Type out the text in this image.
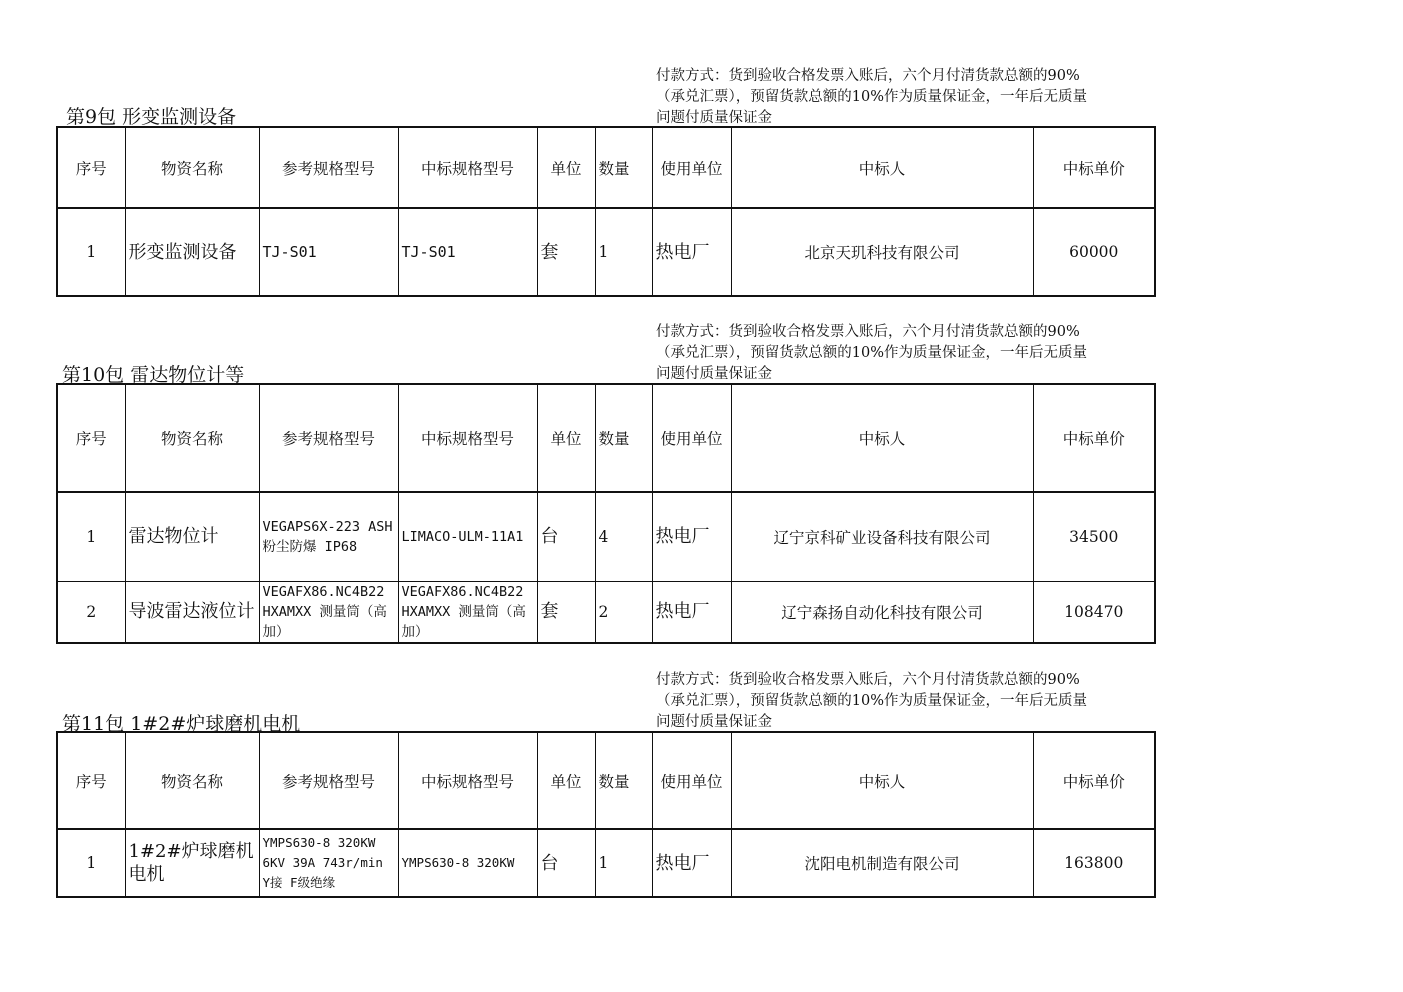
付款方式：货到验收合格发票入账后，六个月付清货款总额的90%
（承兑汇票），预留货款总额的10%作为质量保证金，一年后无质量
问题付质量保证金
第9包 形变监测设备
序号	物资名称	参考规格型号	中标规格型号	单位	数量	使用单位	中标人	中标单价
1	形变监测设备	TJ-S01	TJ-S01	套	1	热电厂	北京天玑科技有限公司	60000
付款方式：货到验收合格发票入账后，六个月付清货款总额的90%
（承兑汇票），预留货款总额的10%作为质量保证金，一年后无质量
问题付质量保证金
第10包 雷达物位计等
序号	物资名称	参考规格型号	中标规格型号	单位	数量	使用单位	中标人	中标单价
1	雷达物位计	VEGAPS6X-223 ASH 粉尘防爆 IP68	LIMACO-ULM-11A1	台	4	热电厂	辽宁京科矿业设备科技有限公司	34500
2	导波雷达液位计	VEGAFX86.NC4B22 HXAMXX 测量筒（高加）	VEGAFX86.NC4B22 HXAMXX 测量筒（高加）	套	2	热电厂	辽宁森扬自动化科技有限公司	108470
付款方式：货到验收合格发票入账后，六个月付清货款总额的90%
（承兑汇票），预留货款总额的10%作为质量保证金，一年后无质量
问题付质量保证金
第11包 1#2#炉球磨机电机
序号	物资名称	参考规格型号	中标规格型号	单位	数量	使用单位	中标人	中标单价
1	1#2#炉球磨机电机	YMPS630-8 320KW 6KV 39A 743r/min Y接 F级绝缘	YMPS630-8 320KW	台	1	热电厂	沈阳电机制造有限公司	163800
